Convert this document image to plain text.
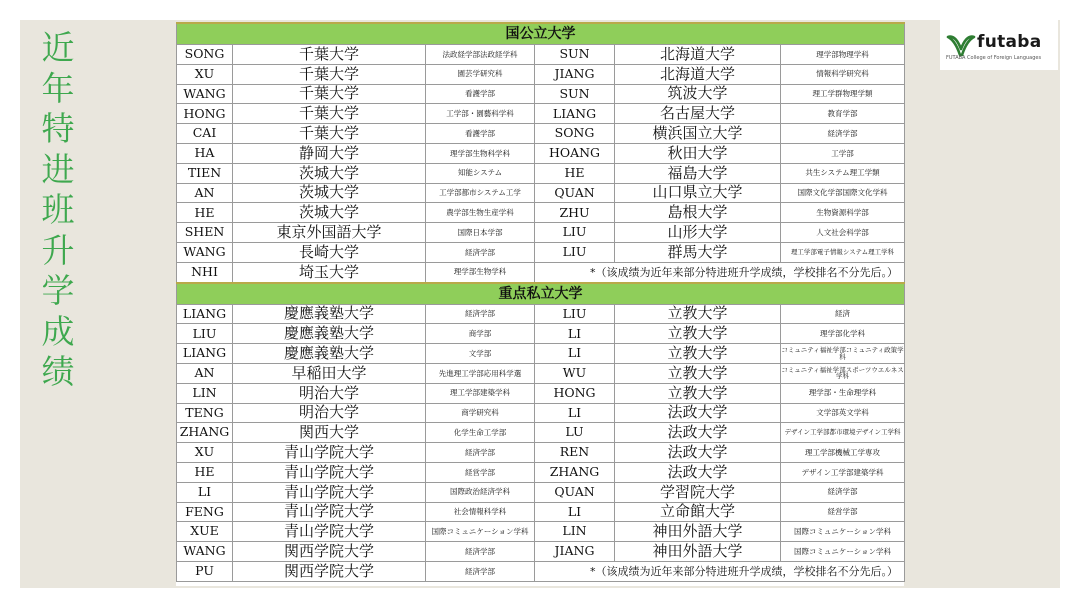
近年特进班升学成绩
futaba
FUTABA College of Foreign Languages
国公立大学					
SONG	千葉大学	法政経学部法政経学科	SUN	北海道大学	理学部物理学科
XU	千葉大学	園芸学研究科	JIANG	北海道大学	情報科学研究科
WANG	千葉大学	看護学部	SUN	筑波大学	理工学群物理学類
HONG	千葉大学	工学部・園藝科学科	LIANG	名古屋大学	教育学部
CAI	千葉大学	看護学部	SONG	横浜国立大学	経済学部
HA	静岡大学	理学部生物科学科	HOANG	秋田大学	工学部
TIEN	茨城大学	知能システム	HE	福島大学	共生システム理工学類
AN	茨城大学	工学部都市システム工学	QUAN	山口県立大学	国際文化学部国際文化学科
HE	茨城大学	農学部生物生産学科	ZHU	島根大学	生物資源科学部
SHEN	東京外国語大学	国際日本学部	LIU	山形大学	人文社会科学部
WANG	長崎大学	経済学部	LIU	群馬大学	理工学部電子情報システム理工学科
NHI	埼玉大学	理学部生物学科	*（该成绩为近年来部分特进班升学成绩，学校排名不分先后。）		
重点私立大学					
LIANG	慶應義塾大学	経済学部	LIU	立教大学	経済
LIU	慶應義塾大学	商学部	LI	立教大学	理学部化学科
LIANG	慶應義塾大学	文学部	LI	立教大学	コミュニティ福祉学部コミュニティ政策学科
AN	早稲田大学	先進理工学部応用科学選	WU	立教大学	コミュニティ福祉学部スポーツウエルネス学科
LIN	明治大学	理工学部建築学科	HONG	立教大学	理学部・生命理学科
TENG	明治大学	商学研究科	LI	法政大学	文学部英文学科
ZHANG	関西大学	化学生命工学部	LU	法政大学	デザイン工学部都市環境デザイン工学科
XU	青山学院大学	経済学部	REN	法政大学	理工学部機械工学専攻
HE	青山学院大学	経営学部	ZHANG	法政大学	デザイン工学部建築学科
LI	青山学院大学	国際政治経済学科	QUAN	学習院大学	経済学部
FENG	青山学院大学	社会情報科学科	LI	立命館大学	経営学部
XUE	青山学院大学	国際コミュニケーション学科	LIN	神田外語大学	国際コミュニケーション学科
WANG	関西学院大学	経済学部	JIANG	神田外語大学	国際コミュニケーション学科
PU	関西学院大学	経済学部	*（该成绩为近年来部分特进班升学成绩，学校排名不分先后。）		
